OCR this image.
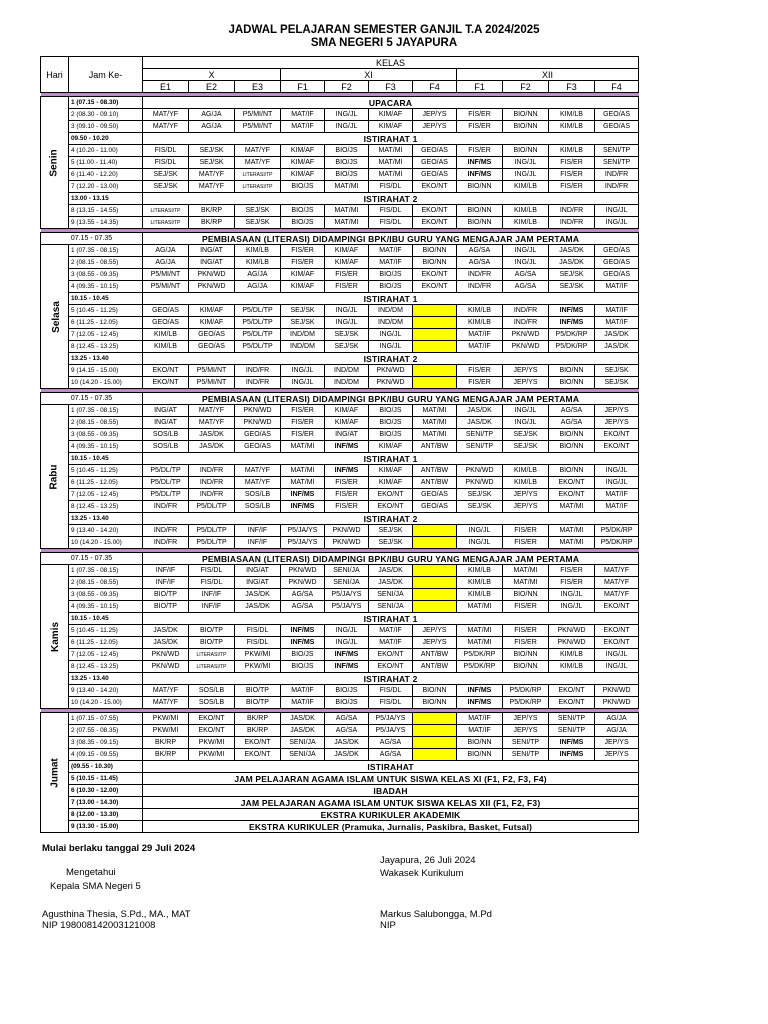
JADWAL PELAJARAN SEMESTER GANJIL T.A 2024/2025
SMA NEGERI 5 JAYAPURA
Hari	Jam Ke-	KELAS										
		X			XI				XII			
		E1	E2	E3	F1	F2	F3	F4	F1	F2	F3	F4

Senin	1 (07.15 - 08.30)	UPACARA										
	2 (08.30 - 09.10)	MAT/YF	AG/JA	P5/MI/NT	MAT/IF	ING/JL	KIM/AF	JEP/YS	FIS/ER	BIO/NN	KIM/LB	GEO/AS
	3 (09.10 - 09.50)	MAT/YF	AG/JA	P5/MI/NT	MAT/IF	ING/JL	KIM/AF	JEP/YS	FIS/ER	BIO/NN	KIM/LB	GEO/AS
	09.50 - 10.20	ISTIRAHAT 1										
	4 (10.20 - 11.00)	FIS/DL	SEJ/SK	MAT/YF	KIM/AF	BIO/JS	MAT/MI	GEO/AS	FIS/ER	BIO/NN	KIM/LB	SENI/TP
	5 (11.00 - 11.40)	FIS/DL	SEJ/SK	MAT/YF	KIM/AF	BIO/JS	MAT/MI	GEO/AS	INF/MS	ING/JL	FIS/ER	SENI/TP
	6 (11.40 - 12.20)	SEJ/SK	MAT/YF	LITERASI/TP	KIM/AF	BIO/JS	MAT/MI	GEO/AS	INF/MS	ING/JL	FIS/ER	IND/FR
	7 (12.20 - 13.00)	SEJ/SK	MAT/YF	LITERASI/TP	BIO/JS	MAT/MI	FIS/DL	EKO/NT	BIO/NN	KIM/LB	FIS/ER	IND/FR
	13.00 - 13.15	ISTIRAHAT 2										
	8 (13.15 - 14.55)	LITERASI/TP	BK/RP	SEJ/SK	BIO/JS	MAT/MI	FIS/DL	EKO/NT	BIO/NN	KIM/LB	IND/FR	ING/JL
	9 (13.55 - 14.35)	LITERASI/TP	BK/RP	SEJ/SK	BIO/JS	MAT/MI	FIS/DL	EKO/NT	BIO/NN	KIM/LB	IND/FR	ING/JL

07.15 - 07.35		PEMBIASAAN (LITERASI) DIDAMPINGI BPK/IBU GURU YANG MENGAJAR JAM PERTAMA										
Selasa	1 (07.35 - 08.15)	AG/JA	ING/AT	KIM/LB	FIS/ER	KIM/AF	MAT/IF	BIO/NN	AG/SA	ING/JL	JAS/DK	GEO/AS
	2 (08.15 - 08.55)	AG/JA	ING/AT	KIM/LB	FIS/ER	KIM/AF	MAT/IF	BIO/NN	AG/SA	ING/JL	JAS/DK	GEO/AS
	3 (08.55 - 09.35)	P5/MI/NT	PKN/WD	AG/JA	KIM/AF	FIS/ER	BIO/JS	EKO/NT	IND/FR	AG/SA	SEJ/SK	GEO/AS
	4 (09.35 - 10.15)	P5/MI/NT	PKN/WD	AG/JA	KIM/AF	FIS/ER	BIO/JS	EKO/NT	IND/FR	AG/SA	SEJ/SK	MAT/IF
	10.15 - 10.45	ISTIRAHAT 1										
	5 (10.45 - 11.25)	GEO/AS	KIM/AF	P5/DL/TP	SEJ/SK	ING/JL	IND/DM		KIM/LB	IND/FR	INF/MS	MAT/IF
	6 (11.25 - 12.05)	GEO/AS	KIM/AF	P5/DL/TP	SEJ/SK	ING/JL	IND/DM		KIM/LB	IND/FR	INF/MS	MAT/IF
	7 (12.05 - 12.45)	KIM/LB	GEO/AS	P5/DL/TP	IND/DM	SEJ/SK	ING/JL		MAT/IF	PKN/WD	P5/DK/RP	JAS/DK
	8 (12.45 - 13.25)	KIM/LB	GEO/AS	P5/DL/TP	IND/DM	SEJ/SK	ING/JL		MAT/IF	PKN/WD	P5/DK/RP	JAS/DK
	13.25 - 13.40	ISTIRAHAT 2										
	9 (14.15 - 15.00)	EKO/NT	P5/MI/NT	IND/FR	ING/JL	IND/DM	PKN/WD		FIS/ER	JEP/YS	BIO/NN	SEJ/SK
	10 (14.20 - 15.00)	EKO/NT	P5/MI/NT	IND/FR	ING/JL	IND/DM	PKN/WD		FIS/ER	JEP/YS	BIO/NN	SEJ/SK

07.15 - 07.35		PEMBIASAAN (LITERASI) DIDAMPINGI BPK/IBU GURU YANG MENGAJAR JAM PERTAMA										
Rabu	1 (07.35 - 08.15)	ING/AT	MAT/YF	PKN/WD	FIS/ER	KIM/AF	BIO/JS	MAT/MI	JAS/DK	ING/JL	AG/SA	JEP/YS
	2 (08.15 - 08.55)	ING/AT	MAT/YF	PKN/WD	FIS/ER	KIM/AF	BIO/JS	MAT/MI	JAS/DK	ING/JL	AG/SA	JEP/YS
	3 (08.55 - 09.35)	SOS/LB	JAS/DK	GEO/AS	FIS/ER	ING/AT	BIO/JS	MAT/MI	SENI/TP	SEJ/SK	BIO/NN	EKO/NT
	4 (09.35 - 10.15)	SOS/LB	JAS/DK	GEO/AS	MAT/MI	INF/MS	KIM/AF	ANT/BW	SENI/TP	SEJ/SK	BIO/NN	EKO/NT
	10.15 - 10.45	ISTIRAHAT 1										
	5 (10.45 - 11.25)	P5/DL/TP	IND/FR	MAT/YF	MAT/MI	INF/MS	KIM/AF	ANT/BW	PKN/WD	KIM/LB	BIO/NN	ING/JL
	6 (11.25 - 12.05)	P5/DL/TP	IND/FR	MAT/YF	MAT/MI	FIS/ER	KIM/AF	ANT/BW	PKN/WD	KIM/LB	EKO/NT	ING/JL
	7 (12.05 - 12.45)	P5/DL/TP	IND/FR	SOS/LB	INF/MS	FIS/ER	EKO/NT	GEO/AS	SEJ/SK	JEP/YS	EKO/NT	MAT/IF
	8 (12.45 - 13.25)	IND/FR	P5/DL/TP	SOS/LB	INF/MS	FIS/ER	EKO/NT	GEO/AS	SEJ/SK	JEP/YS	MAT/MI	MAT/IF
	13.25 - 13.40	ISTIRAHAT 2										
	9 (13.40 - 14.20)	IND/FR	P5/DL/TP	INF/IF	P5/JA/YS	PKN/WD	SEJ/SK		ING/JL	FIS/ER	MAT/MI	P5/DK/RP
	10 (14.20 - 15.00)	IND/FR	P5/DL/TP	INF/IF	P5/JA/YS	PKN/WD	SEJ/SK		ING/JL	FIS/ER	MAT/MI	P5/DK/RP

07.15 - 07.35		PEMBIASAAN (LITERASI) DIDAMPINGI BPK/IBU GURU YANG MENGAJAR JAM PERTAMA										
Kamis	1 (07.35 - 08.15)	INF/IF	FIS/DL	ING/AT	PKN/WD	SENI/JA	JAS/DK		KIM/LB	MAT/MI	FIS/ER	MAT/YF
	2 (08.15 - 08.55)	INF/IF	FIS/DL	ING/AT	PKN/WD	SENI/JA	JAS/DK		KIM/LB	MAT/MI	FIS/ER	MAT/YF
	3 (08.55 - 09.35)	BIO/TP	INF/IF	JAS/DK	AG/SA	P5/JA/YS	SENI/JA		KIM/LB	BIO/NN	ING/JL	MAT/YF
	4 (09.35 - 10.15)	BIO/TP	INF/IF	JAS/DK	AG/SA	P5/JA/YS	SENI/JA		MAT/MI	FIS/ER	ING/JL	EKO/NT
	10.15 - 10.45	ISTIRAHAT 1										
	5 (10.45 - 11.25)	JAS/DK	BIO/TP	FIS/DL	INF/MS	ING/JL	MAT/IF	JEP/YS	MAT/MI	FIS/ER	PKN/WD	EKO/NT
	6 (11.25 - 12.05)	JAS/DK	BIO/TP	FIS/DL	INF/MS	ING/JL	MAT/IF	JEP/YS	MAT/MI	FIS/ER	PKN/WD	EKO/NT
	7 (12.05 - 12.45)	PKN/WD	LITERASI/TP	PKW/MI	BIO/JS	INF/MS	EKO/NT	ANT/BW	P5/DK/RP	BIO/NN	KIM/LB	ING/JL
	8 (12.45 - 13.25)	PKN/WD	LITERASI/TP	PKW/MI	BIO/JS	INF/MS	EKO/NT	ANT/BW	P5/DK/RP	BIO/NN	KIM/LB	ING/JL
	13.25 - 13.40	ISTIRAHAT 2										
	9 (13.40 - 14.20)	MAT/YF	SOS/LB	BIO/TP	MAT/IF	BIO/JS	FIS/DL	BIO/NN	INF/MS	P5/DK/RP	EKO/NT	PKN/WD
	10 (14.20 - 15.00)	MAT/YF	SOS/LB	BIO/TP	MAT/IF	BIO/JS	FIS/DL	BIO/NN	INF/MS	P5/DK/RP	EKO/NT	PKN/WD

Jumat	1 (07.15 - 07.55)	PKW/MI	EKO/NT	BK/RP	JAS/DK	AG/SA	P5/JA/YS		MAT/IF	JEP/YS	SENI/TP	AG/JA
	2 (07.55 - 08.35)	PKW/MI	EKO/NT	BK/RP	JAS/DK	AG/SA	P5/JA/YS		MAT/IF	JEP/YS	SENI/TP	AG/JA
	3 (08.35 - 09.15)	BK/RP	PKW/MI	EKO/NT	SENI/JA	JAS/DK	AG/SA		BIO/NN	SENI/TP	INF/MS	JEP/YS
	4 (09.15 - 09.55)	BK/RP	PKW/MI	EKO/NT	SENI/JA	JAS/DK	AG/SA		BIO/NN	SENI/TP	INF/MS	JEP/YS
	(09.55 - 10.30)	ISTIRAHAT										
	5 (10.15 - 11.45)	JAM PELAJARAN AGAMA ISLAM UNTUK SISWA KELAS XI (F1, F2, F3, F4)										
	6 (10.30 - 12.00)	IBADAH										
	7 (13.00 - 14.30)	JAM PELAJARAN AGAMA ISLAM UNTUK SISWA KELAS XII (F1, F2, F3)										
	8 (12.00 - 13.30)	EKSTRA KURIKULER AKADEMIK										
	9 (13.30 - 15.00)	EKSTRA KURIKULER (Pramuka, Jurnalis, Paskibra, Basket, Futsal)										
Mulai berlaku tanggal 29 Juli 2024
Jayapura, 26 Juli 2024
Wakasek Kurikulum
Mengetahui
Kepala SMA Negeri 5
Agusthina Thesia, S.Pd., MA., MAT
NIP 198008142003121008
Markus Salubongga, M.Pd
NIP
